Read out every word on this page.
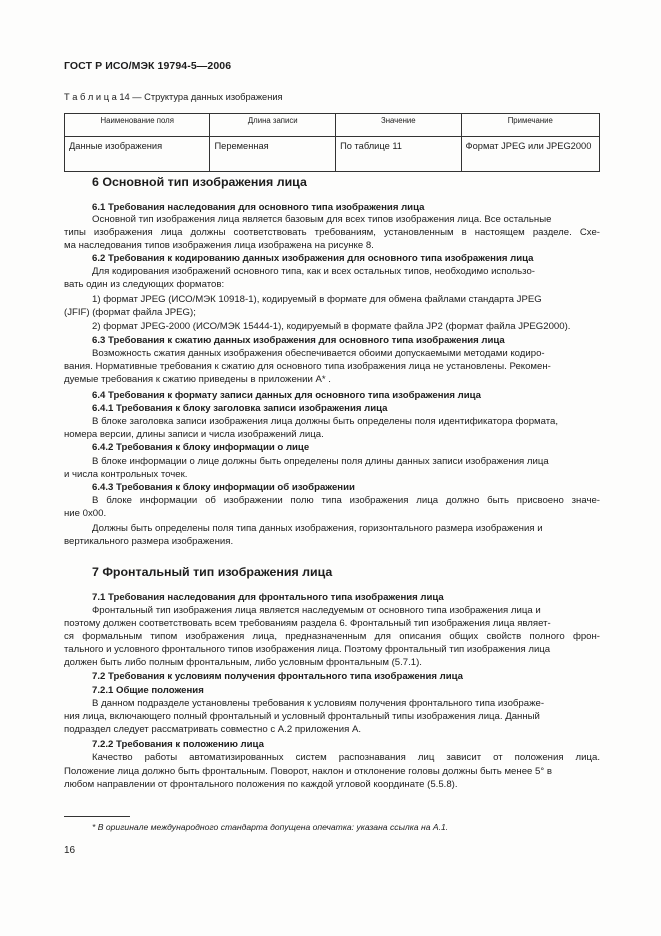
ГОСТ Р ИСО/МЭК 19794-5—2006
Т а б л и ц а 14 — Структура данных изображения
Наименование поля	Длина записи	Значение	Примечание
Данные изображения	Переменная	По таблице 11	Формат JPEG или JPEG2000
6 Основной тип изображения лица
6.1 Требования наследования для основного типа изображения лица
Основной тип изображения лица является базовым для всех типов изображения лица. Все остальные
типы изображения лица должны соответствовать требованиям, установленным в настоящем разделе. Схе-
ма наследования типов изображения лица изображена на рисунке 8.
6.2 Требования к кодированию данных изображения для основного типа изображения лица
Для кодирования изображений основного типа, как и всех остальных типов, необходимо использо-
вать один из следующих форматов:
1) формат JPEG (ИСО/МЭК 10918-1), кодируемый в формате для обмена файлами стандарта JPEG
(JFIF) (формат файла JPEG);
2) формат JPEG-2000 (ИСО/МЭК 15444-1), кодируемый в формате файла JP2 (формат файла JPEG2000).
6.3 Требования к сжатию данных изображения для основного типа изображения лица
Возможность сжатия данных изображения обеспечивается обоими допускаемыми методами кодиро-
вания. Нормативные требования к сжатию для основного типа изображения лица не установлены. Рекомен-
дуемые требования к сжатию приведены в приложении А* .
6.4 Требования к формату записи данных для основного типа изображения лица
6.4.1 Требования к блоку заголовка записи изображения лица
В блоке заголовка записи изображения лица должны быть определены поля идентификатора формата,
номера версии, длины записи и числа изображений лица.
6.4.2 Требования к блоку информации о лице
В блоке информации о лице должны быть определены поля длины данных записи изображения лица
и числа контрольных точек.
6.4.3 Требования к блоку информации об изображении
В блоке информации об изображении полю типа изображения лица должно быть присвоено значе-
ние 0x00.
Должны быть определены поля типа данных изображения, горизонтального размера изображения и
вертикального размера изображения.
7 Фронтальный тип изображения лица
7.1 Требования наследования для фронтального типа изображения лица
Фронтальный тип изображения лица является наследуемым от основного типа изображения лица и
поэтому должен соответствовать всем требованиям раздела 6. Фронтальный тип изображения лица являет-
ся формальным типом изображения лица, предназначенным для описания общих свойств полного фрон-
тального и условного фронтального типов изображения лица. Поэтому фронтальный тип изображения лица
должен быть либо полным фронтальным, либо условным фронтальным (5.7.1).
7.2 Требования к условиям получения фронтального типа изображения лица
7.2.1 Общие положения
В данном подразделе установлены требования к условиям получения фронтального типа изображе-
ния лица, включающего полный фронтальный и условный фронтальный типы изображения лица. Данный
подраздел следует рассматривать совместно с А.2 приложения А.
7.2.2 Требования к положению лица
Качество работы автоматизированных систем распознавания лиц зависит от положения лица.
Положение лица должно быть фронтальным. Поворот, наклон и отклонение головы должны быть менее 5° в
любом направлении от фронтального положения по каждой угловой координате (5.5.8).
* В оригинале международного стандарта допущена опечатка: указана ссылка на А.1.
16
